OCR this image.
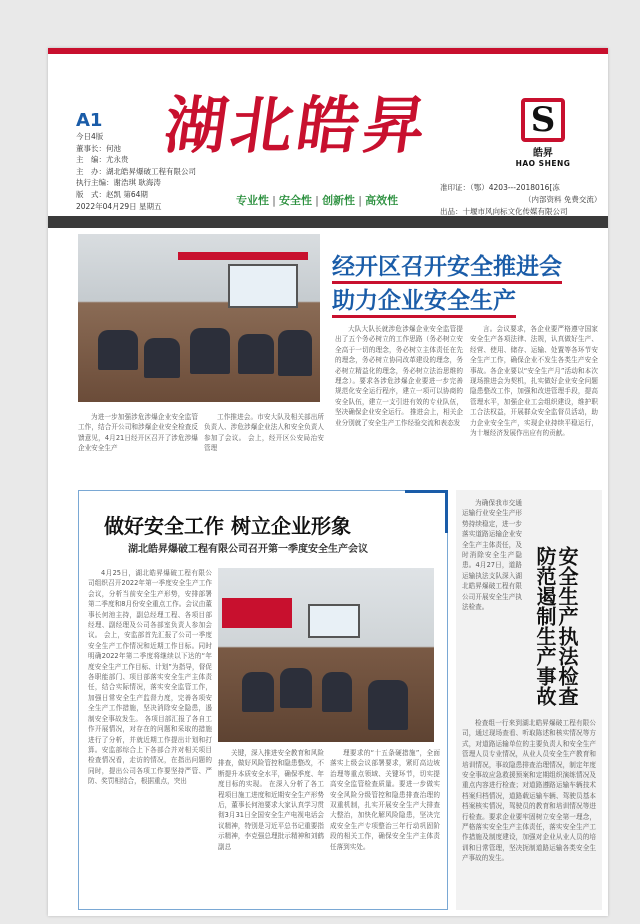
A1
今日4版
董事长：何池
主　编：尤永贵
主　办：湖北皓昇爆破工程有限公司
执行主编：谢浩琪 耿海涛
版　式：赵凯 第64期
2022年04月29日 星期五
湖北皓昇
专业性 | 安全性 | 创新性 | 高效性
S
皓昇
HAO SHENG
准印证：（鄂）4203---2018016[冻
（内部资料 免费交流）
出品：十堰市风向标文化传媒有限公司
经开区召开安全推进会
助力企业安全生产
大队大队长就涉危涉爆企业安全监管提出了五个务必树立的工作思路（务必树立安全高于一切的理念，务必树立主体责任在先的理念，务必树立协同改革建设的理念，务必树立精益化的理念，务必树立法治思维的理念）。要求各涉危涉爆企业要进一步完善规范化安全运行程序，建立一项可以协商的安全队伍，建立一支引进有效的专业队伍，坚决确保企业安全运行。 推进会上，相关企业分别就了安全生产工作经验交流和表态发
言。会议要求，各企业要严格遵守国家安全生产各项法律、法规，认真做好生产、经营、使用、储存、运输、处置等各环节安全生产工作，确保企业不发生各类生产安全事故。各企业要以“安全生产月”活动和本次现场推进会为契机，扎实做好企业安全问题隐患整改工作，加强和改进管理手段，提高管理水平，加强企业工会组织建设，维护职工合法权益，开展群众安全监督员活动，助力企业安全生产，实现企业持续平稳运行，为十堰经济发展作出应有的贡献。
为进一步加强涉危涉爆企业安全监管工作，结合开公司和涉爆企业安全检查反馈意见，4月21日经开区召开了涉危涉爆企业安全生产
工作推进会。市安大队及相关部出所负责人、涉危涉爆企业法人和安全负责人参加了会议。 会上，经开区公安局治安管理
做好安全工作 树立企业形象
湖北皓昇爆破工程有限公司召开第一季度安全生产会议
4月25日，湖北皓昇爆破工程有限公司组织召开2022年第一季度安全生产工作会议，分析当前安全生产形势，安排部署第二季度和8月份安全重点工作。会议由董事长何池主持，副总经理工程、各项目部经理、副经理及公司各部室负责人参加会议。 会上，安监部首先汇报了公司一季度安全生产工作情况和近期工作目标。同时明确2022年第二季度将继续以下达的“年度安全生产工作目标、计划”为指导，督促各职能部门、项目部落实安全生产主体责任，结合实际情况，落实安全监管工作，加强日常安全生产监督力度，完善各项安全生产工作措施，坚决消除安全隐患，遏制安全事故发生。 各项目部汇报了各自工作开展情况，对存在的问题和采取的措施进行了分析，并就近期工作提出计划和打算。安监部综合上下各部合并对相关项目检查情况看，走访的情况，在指出问题的同时，提出公司各项工作要坚持严管、严防、奖罚相结合，根据重点，突出
关键，深入推进安全教育和风险排查，做好风险管控和隐患整改，不断提升本质安全水平，确保季度、年度目标的实现。 在深入分析了各工程项目施工进度和近期安全生产形势后，董事长何池要求大家认真学习贯彻3月31日全国安全生产电视电话会议精神，特别是习近平总书记重要指示精神，李克强总理批示精神和刘鹤副总
理要求的“十五条硬措施”，全面落实上级会议部署要求，紧盯高边坡治理等重点领域、关键环节，切实提高安全监管检查质量。要进一步做实安全风险分级管控和隐患排查治理的双重机制，扎实开展安全生产大排查大整治，加快化解风险隐患，坚决完成安全生产专项整治三年行动巩固阶段的相关工作，确保安全生产主体责任落到实处。
为确保我市交通运输行业安全生产形势持续稳定，进一步落实道路运输企业安全生产主体责任，及时消除安全生产隐患。4月27日，道路运输执法支队深入湖北皓昇爆破工程有限公司开展安全生产执法检查。	安全生产执法检查
防范遏制生产事故
检查组一行来到湖北皓昇爆破工程有限公司，通过现场查看、听取陈述和核实情况等方式，对道路运输单位的主要负责人和安全生产管理人员专业情况，从业人员安全生产教育和培训情况，事故隐患排查治理情况，制定年度安全事故应急救援预案和定期组织演练情况及重点内容进行检查；对道路遵路运输车辆技术档案归档情况，道路载运输车辆、驾驶员基本档案核实情况，驾驶员的教育和培训情况等进行检查。要求企业要牢固树立安全第一理念，严格落实安全生产主体责任，落实安全生产工作措施及制度建设，加强对企业从业人员的培训和日常管理，坚决扼制道路运输各类安全生产事故的发生。
